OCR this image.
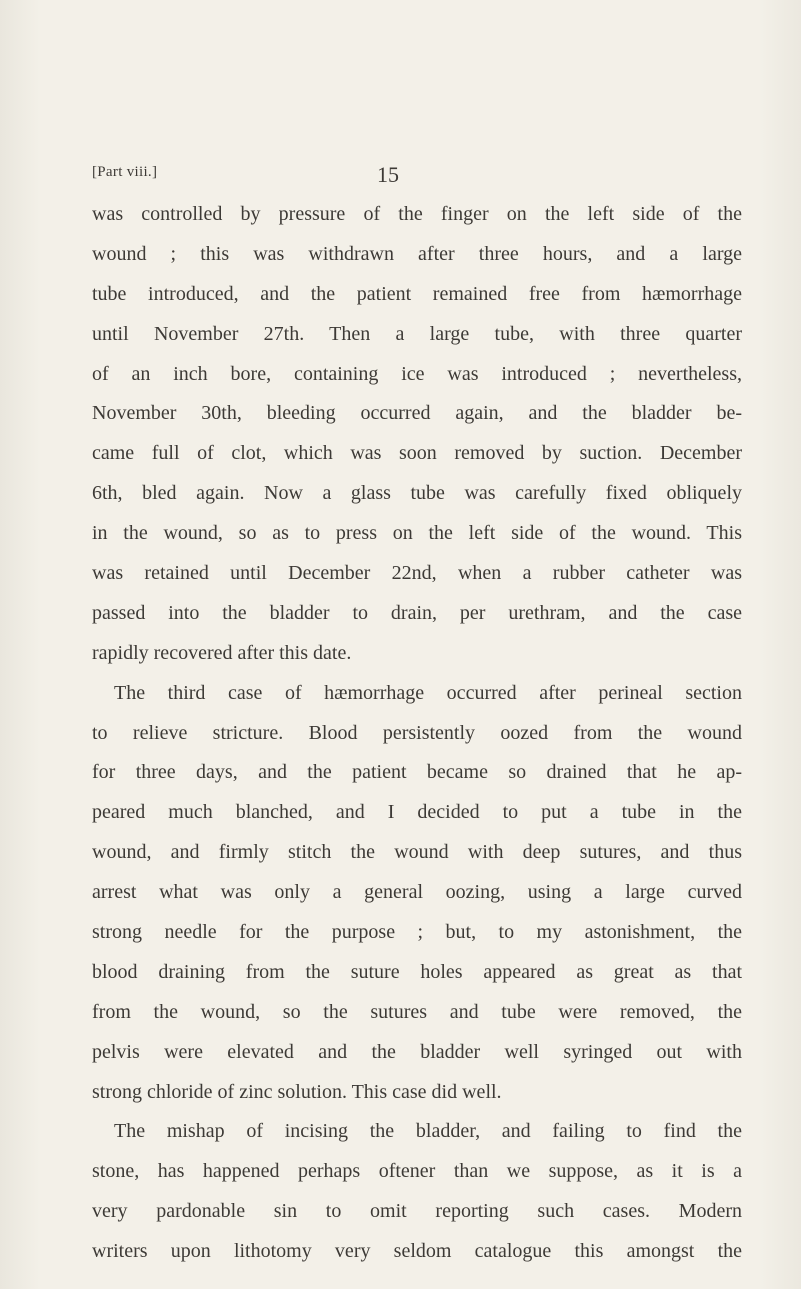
[Part viii.]	15
was controlled by pressure of the finger on the left side of the
wound ; this was withdrawn after three hours, and a large
tube introduced, and the patient remained free from hæmorrhage
until November 27th. Then a large tube, with three quarter
of an inch bore, containing ice was introduced ; nevertheless,
November 30th, bleeding occurred again, and the bladder be-
came full of clot, which was soon removed by suction. December
6th, bled again. Now a glass tube was carefully fixed obliquely
in the wound, so as to press on the left side of the wound. This
was retained until December 22nd, when a rubber catheter was
passed into the bladder to drain, per urethram, and the case
rapidly recovered after this date.
The third case of hæmorrhage occurred after perineal section
to relieve stricture. Blood persistently oozed from the wound
for three days, and the patient became so drained that he ap-
peared much blanched, and I decided to put a tube in the
wound, and firmly stitch the wound with deep sutures, and thus
arrest what was only a general oozing, using a large curved
strong needle for the purpose ; but, to my astonishment, the
blood draining from the suture holes appeared as great as that
from the wound, so the sutures and tube were removed, the
pelvis were elevated and the bladder well syringed out with
strong chloride of zinc solution. This case did well.
The mishap of incising the bladder, and failing to find the
stone, has happened perhaps oftener than we suppose, as it is a
very pardonable sin to omit reporting such cases. Modern
writers upon lithotomy very seldom catalogue this amongst the
